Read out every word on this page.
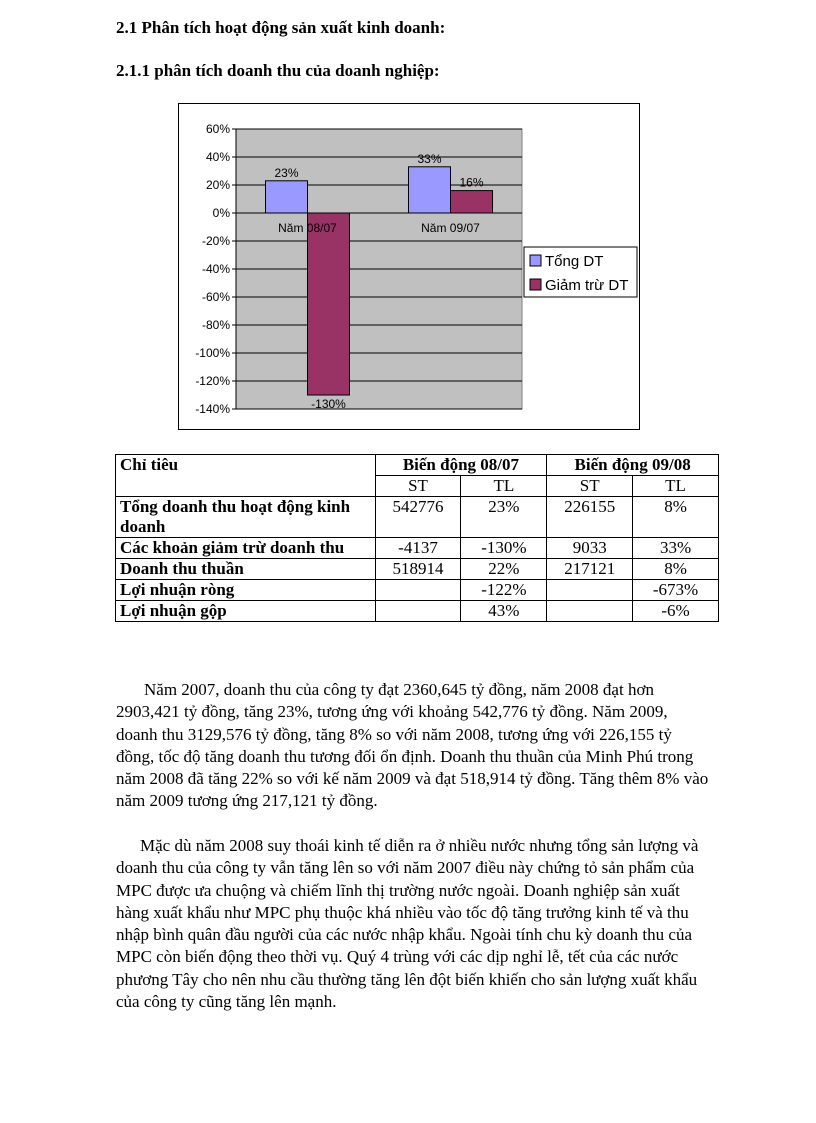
2.1 Phân tích hoạt động sản xuất kinh doanh:
2.1.1 phân tích doanh thu của doanh nghiệp:
60%
40%
20%
0%
-20%
-40%
-60%
-80%
-100%
-120%
-140%
23%
33%
-130%
16%
Năm 08/07	Năm 09/07
Tổng DT
Giảm trừ DT
Chỉ tiêu	Biến động 08/07		Biến động 09/08	
	ST	TL	ST	TL
Tổng doanh thu hoạt động kinh doanh	542776	23%	226155	8%
Các khoản giảm trừ doanh thu	-4137	-130%	9033	33%
Doanh thu thuần	518914	22%	217121	8%
Lợi nhuận ròng		-122%		-673%
Lợi nhuận gộp		43%		-6%

Năm 2007, doanh thu của công ty đạt 2360,645 tỷ đồng, năm 2008 đạt hơn 2903,421 tỷ đồng, tăng 23%, tương ứng với khoảng 542,776 tỷ đồng. Năm 2009, doanh thu 3129,576 tỷ đồng, tăng 8% so với năm 2008, tương ứng với 226,155 tỷ đồng, tốc độ tăng doanh thu tương đối ổn định. Doanh thu thuần của Minh Phú trong năm 2008 đã tăng 22% so với kế năm 2009 và đạt 518,914 tỷ đồng. Tăng thêm 8% vào năm 2009 tương ứng 217,121 tỷ đồng.

Mặc dù năm 2008 suy thoái kinh tế diễn ra ở nhiều nước nhưng tổng sản lượng và doanh thu của công ty vẫn tăng lên so với năm 2007 điều này chứng tỏ sản phẩm của MPC được ưa chuộng và chiếm lĩnh thị trường nước ngoài. Doanh nghiệp sản xuất hàng xuất khẩu như MPC phụ thuộc khá nhiều vào tốc độ tăng trưởng kinh tế và thu nhập bình quân đầu người của các nước nhập khẩu. Ngoài tính chu kỳ doanh thu của MPC còn biến động theo thời vụ. Quý 4 trùng với các dịp nghỉ lễ, tết của các nước phương Tây cho nên nhu cầu thường tăng lên đột biến khiến cho sản lượng xuất khẩu của công ty cũng tăng lên mạnh.
